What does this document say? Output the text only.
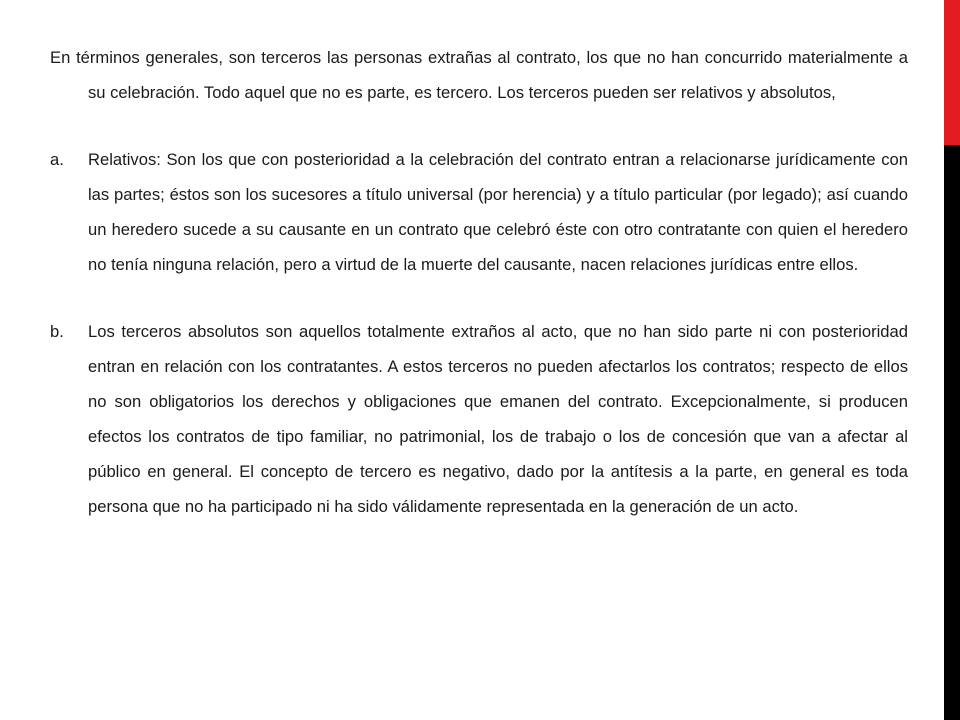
En términos generales, son terceros las personas extrañas al contrato, los que no han concurrido materialmente a su celebración. Todo aquel que no es parte, es tercero. Los terceros pueden ser relativos y absolutos,

a.	Relativos: Son los que con posterioridad a la celebración del contrato entran a relacionarse jurídicamente con las partes; éstos son los sucesores a título universal (por herencia) y a título particular (por legado); así cuando un heredero sucede a su causante en un contrato que celebró éste con otro contratante con quien el heredero no tenía ninguna relación, pero a virtud de la muerte del causante, nacen relaciones jurídicas entre ellos.
b.	Los terceros absolutos son aquellos totalmente extraños al acto, que no han sido parte ni con posterioridad entran en relación con los contratantes. A estos terceros no pueden afectarlos los contratos; respecto de ellos no son obligatorios los derechos y obligaciones que emanen del contrato. Excepcionalmente, si producen efectos los contratos de tipo familiar, no patrimonial, los de trabajo o los de concesión que van a afectar al público en general. El concepto de tercero es negativo, dado por la antítesis a la parte, en general es toda persona que no ha participado ni ha sido válidamente representada en la generación de un acto.
